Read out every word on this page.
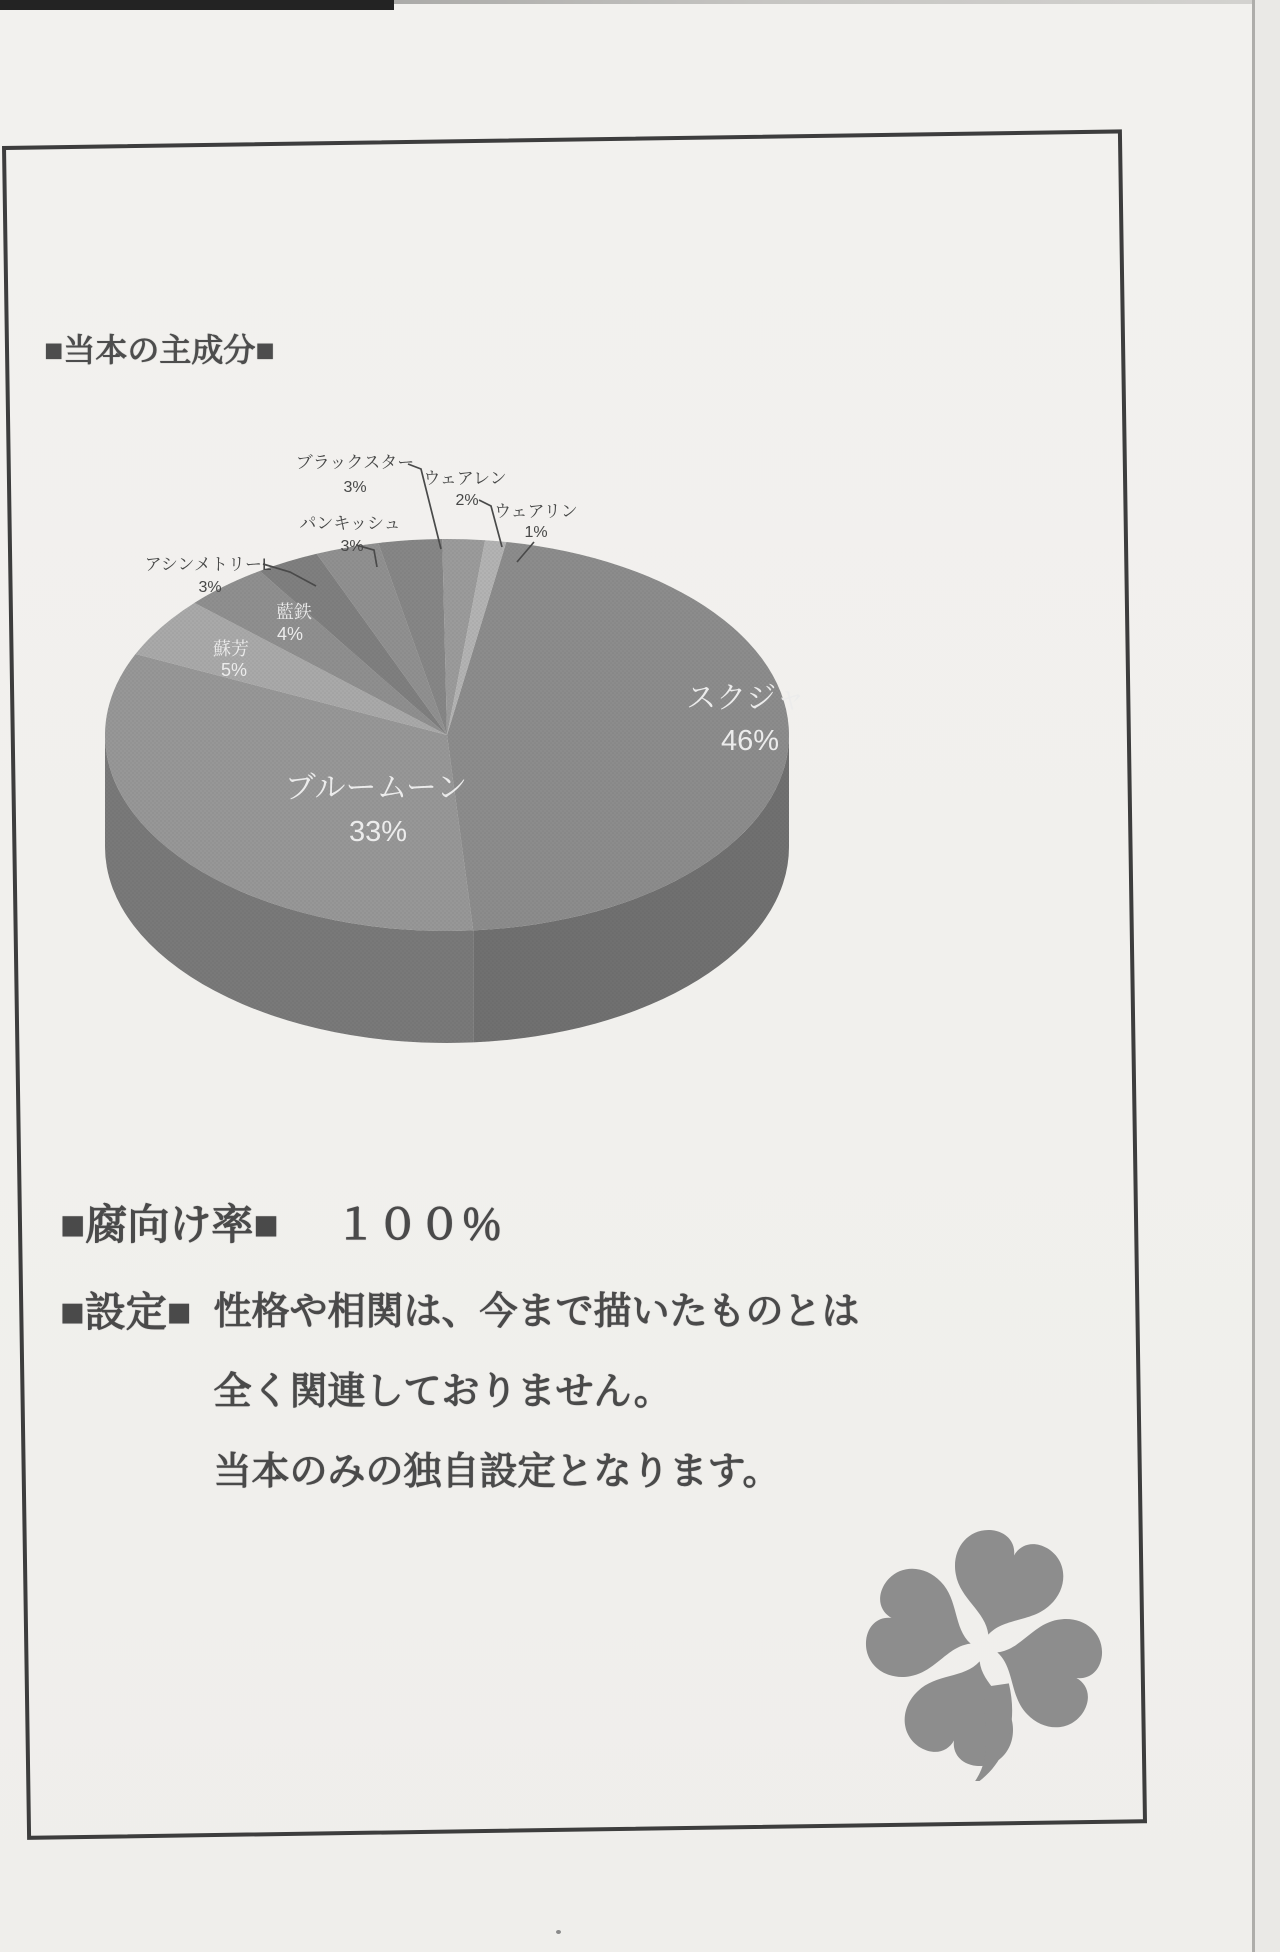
■当本の主成分■
スクジャ
46%
ブルームーン
33%
蘇芳
5%
藍鉄
4%
アシンメトリーL
3%
パンキッシュ
3%
ブラックスター
3%	ウェアレン
2%
ウェアリン
1%
■腐向け率■ １００％
■設定■ 性格や相関は、今まで描いたものとは
全く関連しておりません。
当本のみの独自設定となります。
